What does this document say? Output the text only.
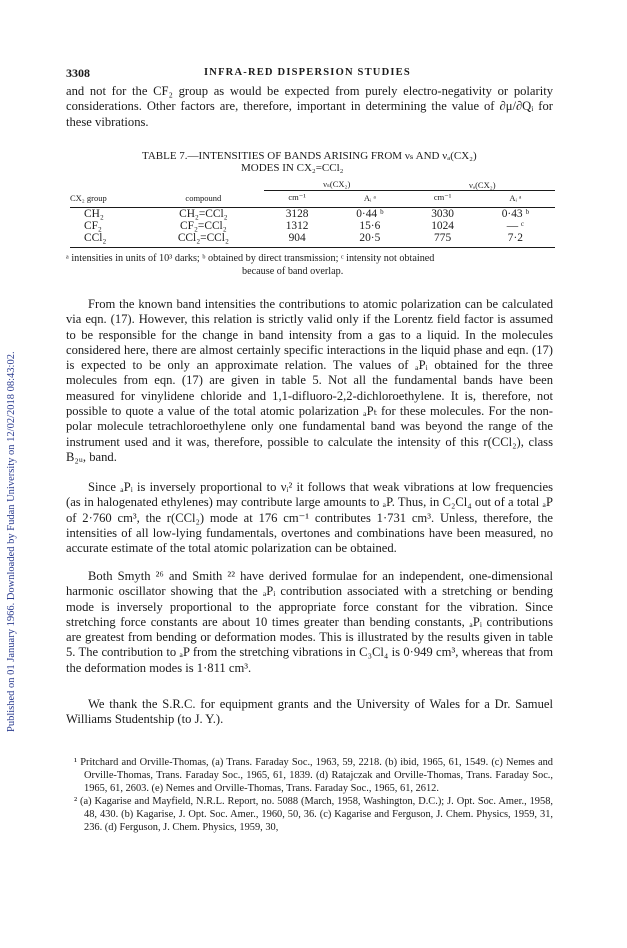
Published on 01 January 1966. Downloaded by Fudan University on 12/02/2018 08:43:02.
3308	INFRA-RED DISPERSION STUDIES
and not for the CF₂ group as would be expected from purely electro-negativity or polarity considerations. Other factors are, therefore, important in determining the value of ∂μ/∂Qᵢ for these vibrations.
TABLE 7.—INTENSITIES OF BANDS ARISING FROM νₛ AND νₐ(CX₂)
MODES IN CX₂=CCl₂
		νₛ(CX₂)		νₐ(CX₂)	
CX₂ group	compound	cm⁻¹	Aᵢ ᵃ	cm⁻¹	Aᵢ ᵃ

CH₂	CH₂=CCl₂	3128	0·44 ᵇ	3030	0·43 ᵇ
CF₂	CF₂=CCl₂	1312	15·6	1024	— ᶜ
CCl₂	CCl₂=CCl₂	904	20·5	775	7·2

ᵃ intensities in units of 10³ darks; ᵇ obtained by direct transmission; ᶜ intensity not obtained
because of band overlap.
From the known band intensities the contributions to atomic polarization can be calculated via eqn. (17). However, this relation is strictly valid only if the Lorentz field factor is assumed to be responsible for the change in band intensity from a gas to a liquid. In the molecules considered here, there are almost certainly specific interactions in the liquid phase and eqn. (17) is expected to be only an approximate relation. The values of ₐPᵢ obtained for the three molecules from eqn. (17) are given in table 5. Not all the fundamental bands have been measured for vinylidene chloride and 1,1-difluoro-2,2-dichloroethylene. It is, therefore, not possible to quote a value of the total atomic polarization ₐPₜ for these molecules. For the non-polar molecule tetrachloroethylene only one fundamental band was beyond the range of the instrument used and it was, therefore, possible to calculate the intensity of this r(CCl₂), class B₂ᵤ, band.
Since ₐPᵢ is inversely proportional to νᵢ² it follows that weak vibrations at low frequencies (as in halogenated ethylenes) may contribute large amounts to ₐP. Thus, in C₂Cl₄ out of a total ₐP of 2·760 cm³, the r(CCl₂) mode at 176 cm⁻¹ contributes 1·731 cm³. Unless, therefore, the intensities of all low-lying fundamentals, overtones and combinations have been measured, no accurate estimate of the total atomic polarization can be obtained.
Both Smyth ²⁶ and Smith ²² have derived formulae for an independent, one-dimensional harmonic oscillator showing that the ₐPᵢ contribution associated with a stretching or bending mode is inversely proportional to the appropriate force constant for the vibration. Since stretching force constants are about 10 times greater than bending constants, ₐPᵢ contributions are greatest from bending or deformation modes. This is illustrated by the results given in table 5. The contribution to ₐP from the stretching vibrations in C₃Cl₄ is 0·949 cm³, whereas that from the deformation modes is 1·811 cm³.
We thank the S.R.C. for equipment grants and the University of Wales for a Dr. Samuel Williams Studentship (to J. Y.).

¹ Pritchard and Orville-Thomas, (a) Trans. Faraday Soc., 1963, 59, 2218. (b) ibid, 1965, 61, 1549. (c) Nemes and Orville-Thomas, Trans. Faraday Soc., 1965, 61, 1839. (d) Ratajczak and Orville-Thomas, Trans. Faraday Soc., 1965, 61, 2603. (e) Nemes and Orville-Thomas, Trans. Faraday Soc., 1965, 61, 2612.

² (a) Kagarise and Mayfield, N.R.L. Report, no. 5088 (March, 1958, Washington, D.C.); J. Opt. Soc. Amer., 1958, 48, 430. (b) Kagarise, J. Opt. Soc. Amer., 1960, 50, 36. (c) Kagarise and Ferguson, J. Chem. Physics, 1959, 31, 236. (d) Ferguson, J. Chem. Physics, 1959, 30,
